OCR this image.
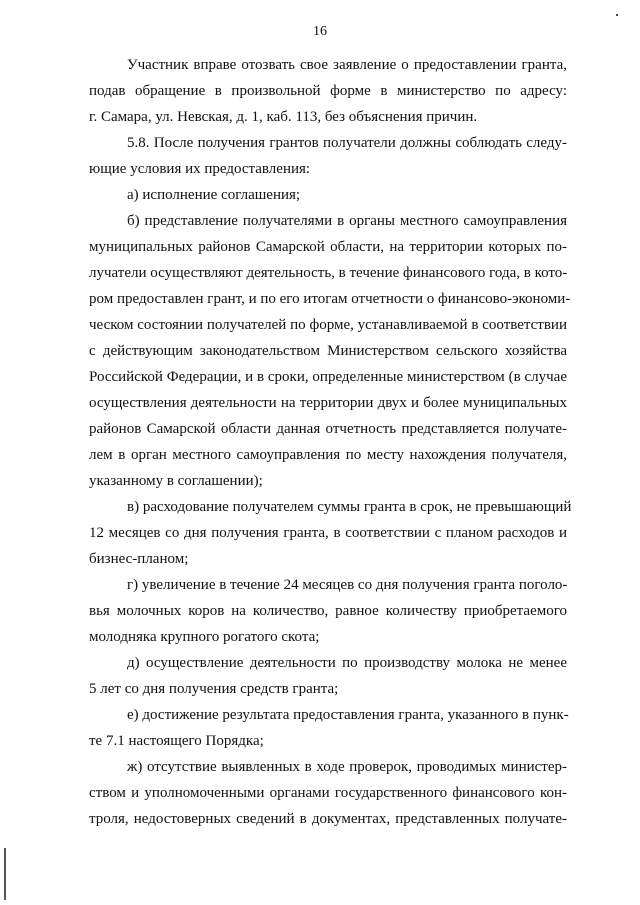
16
Участник вправе отозвать свое заявление о предоставлении гранта,
подав обращение в произвольной форме в министерство по адресу:
г. Самара, ул. Невская, д. 1, каб. 113, без объяснения причин.
5.8. После получения грантов получатели должны соблюдать следу-
ющие условия их предоставления:
а) исполнение соглашения;
б) представление получателями в органы местного самоуправления
муниципальных районов Самарской области, на территории которых по-
лучатели осуществляют деятельность, в течение финансового года, в кото-
ром предоставлен грант, и по его итогам отчетности о финансово-экономи-
ческом состоянии получателей по форме, устанавливаемой в соответствии
с действующим законодательством Министерством сельского хозяйства
Российской Федерации, и в сроки, определенные министерством (в случае
осуществления деятельности на территории двух и более муниципальных
районов Самарской области данная отчетность представляется получате-
лем в орган местного самоуправления по месту нахождения получателя,
указанному в соглашении);
в) расходование получателем суммы гранта в срок, не превышающий
12 месяцев со дня получения гранта, в соответствии с планом расходов и
бизнес-планом;
г) увеличение в течение 24 месяцев со дня получения гранта поголо-
вья молочных коров на количество, равное количеству приобретаемого
молодняка крупного рогатого скота;
д) осуществление деятельности по производству молока не менее
5 лет со дня получения средств гранта;
е) достижение результата предоставления гранта, указанного в пунк-
те 7.1 настоящего Порядка;
ж) отсутствие выявленных в ходе проверок, проводимых министер-
ством и уполномоченными органами государственного финансового кон-
троля, недостоверных сведений в документах, представленных получате-
